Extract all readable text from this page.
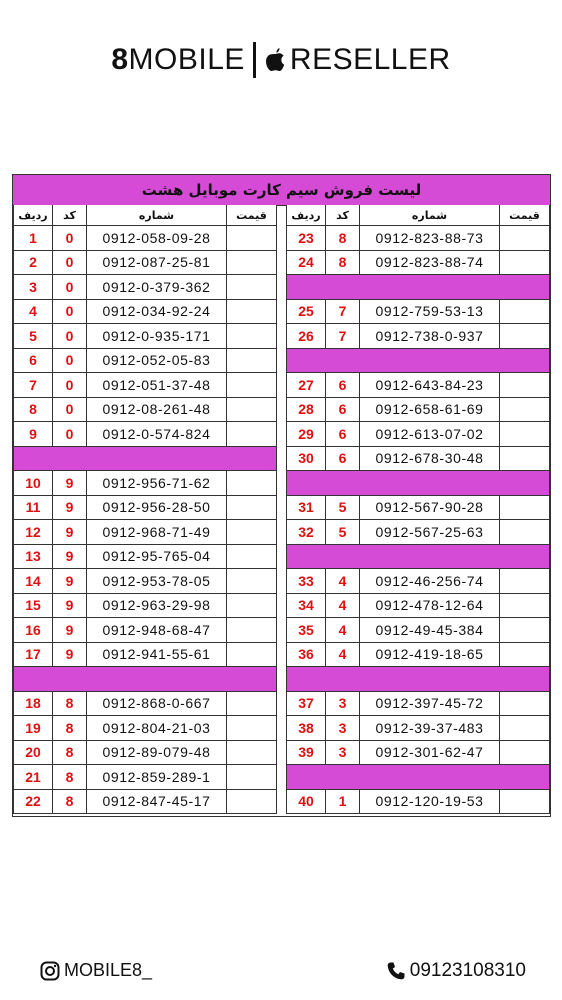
8MOBILE RESELLER
لیست فروش سیم کارت موبایل هشت
ردیف	کد	شماره	قیمت
1	0	0912-058-09-28
2	0	0912-087-25-81
3	0	0912-0-379-362
4	0	0912-034-92-24
5	0	0912-0-935-171
6	0	0912-052-05-83
7	0	0912-051-37-48
8	0	0912-08-261-48
9	0	0912-0-574-824
10	9	0912-956-71-62
11	9	0912-956-28-50
12	9	0912-968-71-49
13	9	0912-95-765-04
14	9	0912-953-78-05
15	9	0912-963-29-98
16	9	0912-948-68-47
17	9	0912-941-55-61
18	8	0912-868-0-667
19	8	0912-804-21-03
20	8	0912-89-079-48
21	8	0912-859-289-1
22	8	0912-847-45-17
ردیف	کد	شماره	قیمت
23	8	0912-823-88-73
24	8	0912-823-88-74
25	7	0912-759-53-13
26	7	0912-738-0-937
27	6	0912-643-84-23
28	6	0912-658-61-69
29	6	0912-613-07-02
30	6	0912-678-30-48
31	5	0912-567-90-28
32	5	0912-567-25-63
33	4	0912-46-256-74
34	4	0912-478-12-64
35	4	0912-49-45-384
36	4	0912-419-18-65
37	3	0912-397-45-72
38	3	0912-39-37-483
39	3	0912-301-62-47
40	1	0912-120-19-53
MOBILE8_	09123108310
